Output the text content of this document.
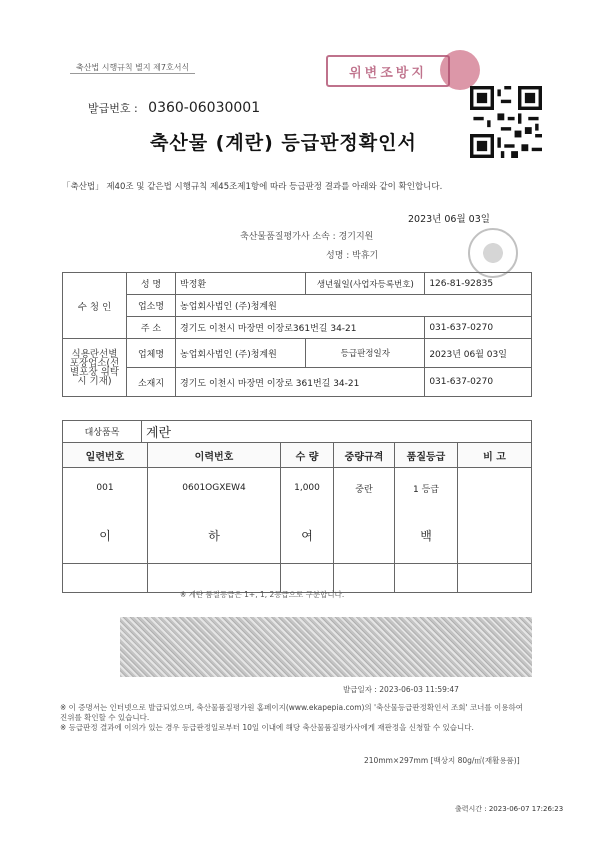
축산법 시행규칙 별지 제7호서식	위변조방지
발급번호 : 0360-06030001
축산물 (계란) 등급판정확인서
「축산법」 제40조 및 같은법 시행규칙 제45조제1항에 따라 등급판정 결과를 아래와 같이 확인합니다.
2023년 06월 03일
축산물품질평가사 소속 : 경기지원
성명 : 박휴기
수 청 인	성 명	박정환	생년월일(사업자등록번호)	126-81-92835
	업소명	농업회사법인 (주)청계원		
	주 소	경기도 이천시 마장면 이장로361번길 34-21		031-637-0270
식용란선별포장업소(선별포장 위탁 시 기재)	업체명	농업회사법인 (주)청계원	등급판정일자	2023년 06월 03일
	소재지	경기도 이천시 마장면 이장로 361번길 34-21		031-637-0270
대상품목	계란
일련번호	이력번호	수 량	중량규격	품질등급	비 고
001	0601OGXEW4	1,000	중란	1 등급	
이	하	여		백	

※ 계란 품질등급은 1+, 1, 2등급으로 구분합니다.
발급일자 : 2023-06-03 11:59:47
※ 이 증명서는 인터넷으로 발급되었으며, 축산물품질평가원 홈페이지(www.ekapepia.com)의 '축산물등급판정확인서 조회' 코너를 이용하여
진위를 확인할 수 있습니다.
※ 등급판정 결과에 이의가 있는 경우 등급판정일로부터 10일 이내에 해당 축산물품질평가사에게 재판정을 신청할 수 있습니다.
210mm×297mm [백상지 80g/㎡(재활용품)]
출력시간 : 2023-06-07 17:26:23
